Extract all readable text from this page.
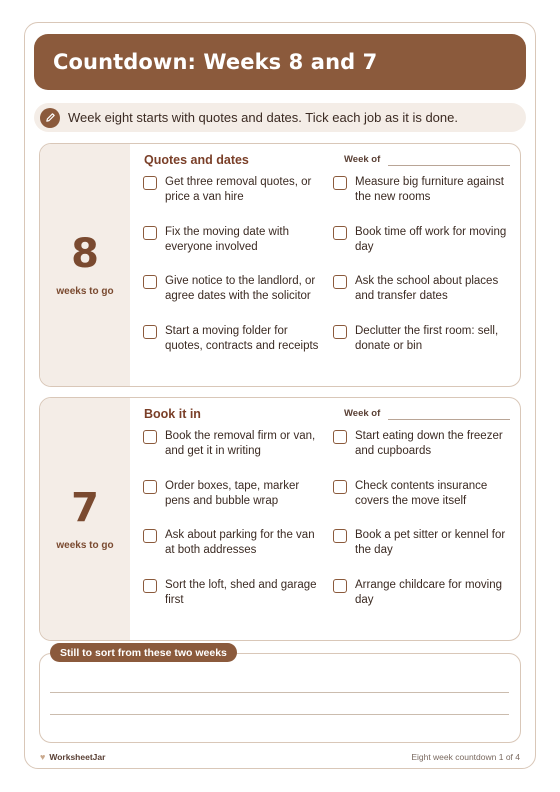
Countdown: Weeks 8 and 7
Week eight starts with quotes and dates. Tick each job as it is done.
8
weeks to go
Quotes and dates	Week of
Get three removal quotes, or price a van hire
Measure big furniture against the new rooms
Fix the moving date with everyone involved
Book time off work for moving day
Give notice to the landlord, or agree dates with the solicitor
Ask the school about places and transfer dates
Start a moving folder for quotes, contracts and receipts
Declutter the first room: sell, donate or bin
7
weeks to go
Book it in	Week of
Book the removal firm or van, and get it in writing
Start eating down the freezer and cupboards
Order boxes, tape, marker pens and bubble wrap
Check contents insurance covers the move itself
Ask about parking for the van at both addresses
Book a pet sitter or kennel for the day
Sort the loft, shed and garage first
Arrange childcare for moving day
Still to sort from these two weeks
♥ WorksheetJar	Eight week countdown 1 of 4
